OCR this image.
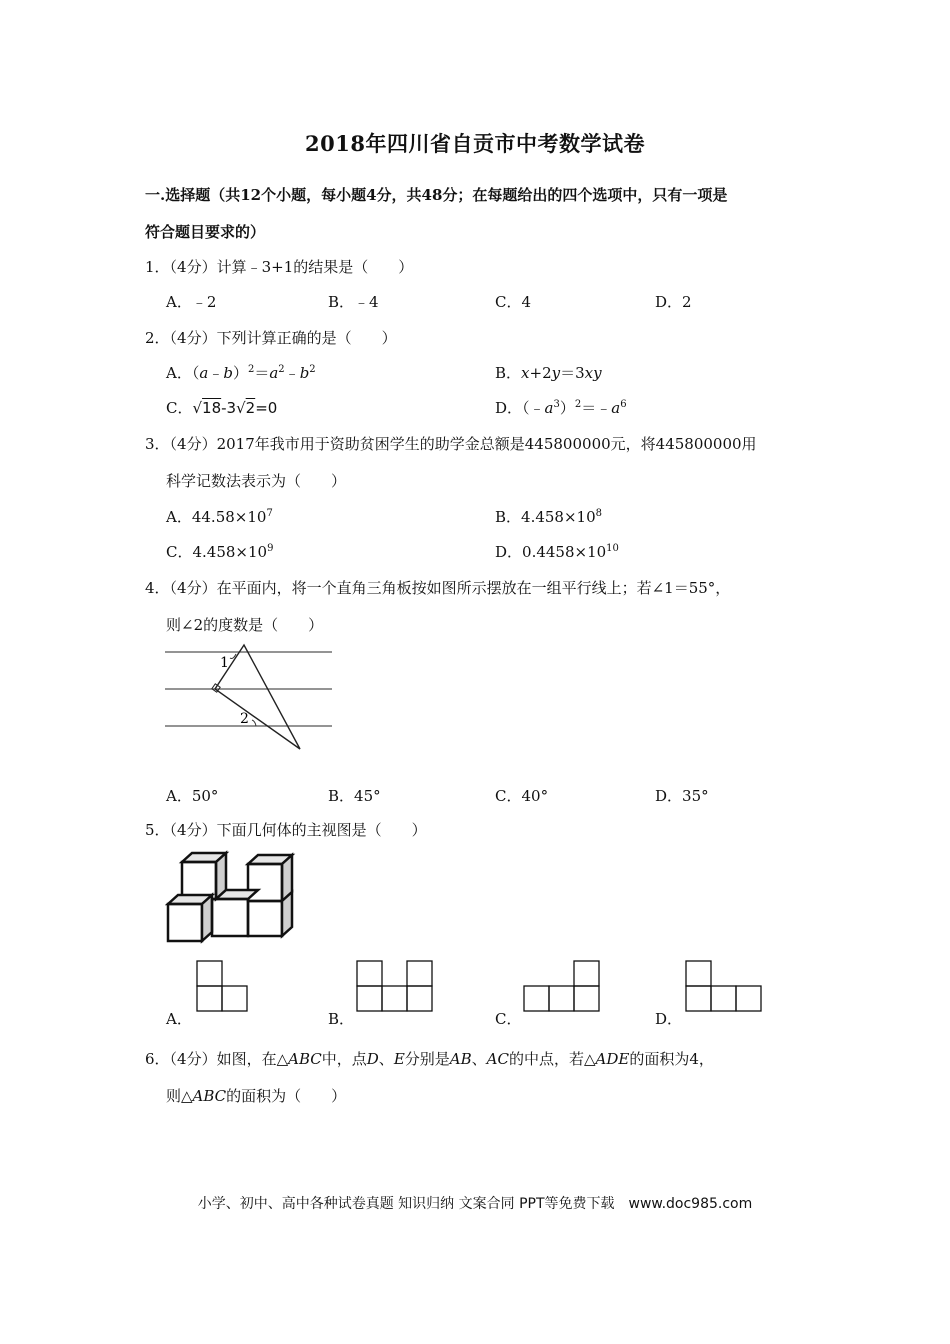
2018年四川省自贡市中考数学试卷
一.选择题（共12个小题，每小题4分，共48分；在每题给出的四个选项中，只有一项是
符合题目要求的）
1．（4分）计算﹣3+1的结果是（　　）
A．﹣2	B．﹣4	C．4	D．2
2．（4分）下列计算正确的是（　　）
A．$(a﹣b)^2=a^2﹣b^2$	B．x+2y＝3xy
C．√18-3√2=0	D．$(﹣a^3)^2=﹣a^6$
3．（4分）2017年我市用于资助贫困学生的助学金总额是445800000元，将445800000用
科学记数法表示为（　　）
A．$44.58\times 10^7$	B．$4.458\times 10^8$
C．$4.458\times 10^9$	D．$0.4458\times 10^{10}$
4．（4分）在平面内，将一个直角三角板按如图所示摆放在一组平行线上；若∠1＝55°，
则∠2的度数是（　　）
1
2
A．50°	B．45°	C．40°	D．35°
5．（4分）下面几何体的主视图是（　　）
A．	B．	C．	D．
6．（4分）如图，在△ABC中，点D、E分别是AB、AC的中点，若△ADE的面积为4，
则△ABC的面积为（　　）
小学、初中、高中各种试卷真题 知识归纳 文案合同 PPT等免费下载　www.doc985.com
